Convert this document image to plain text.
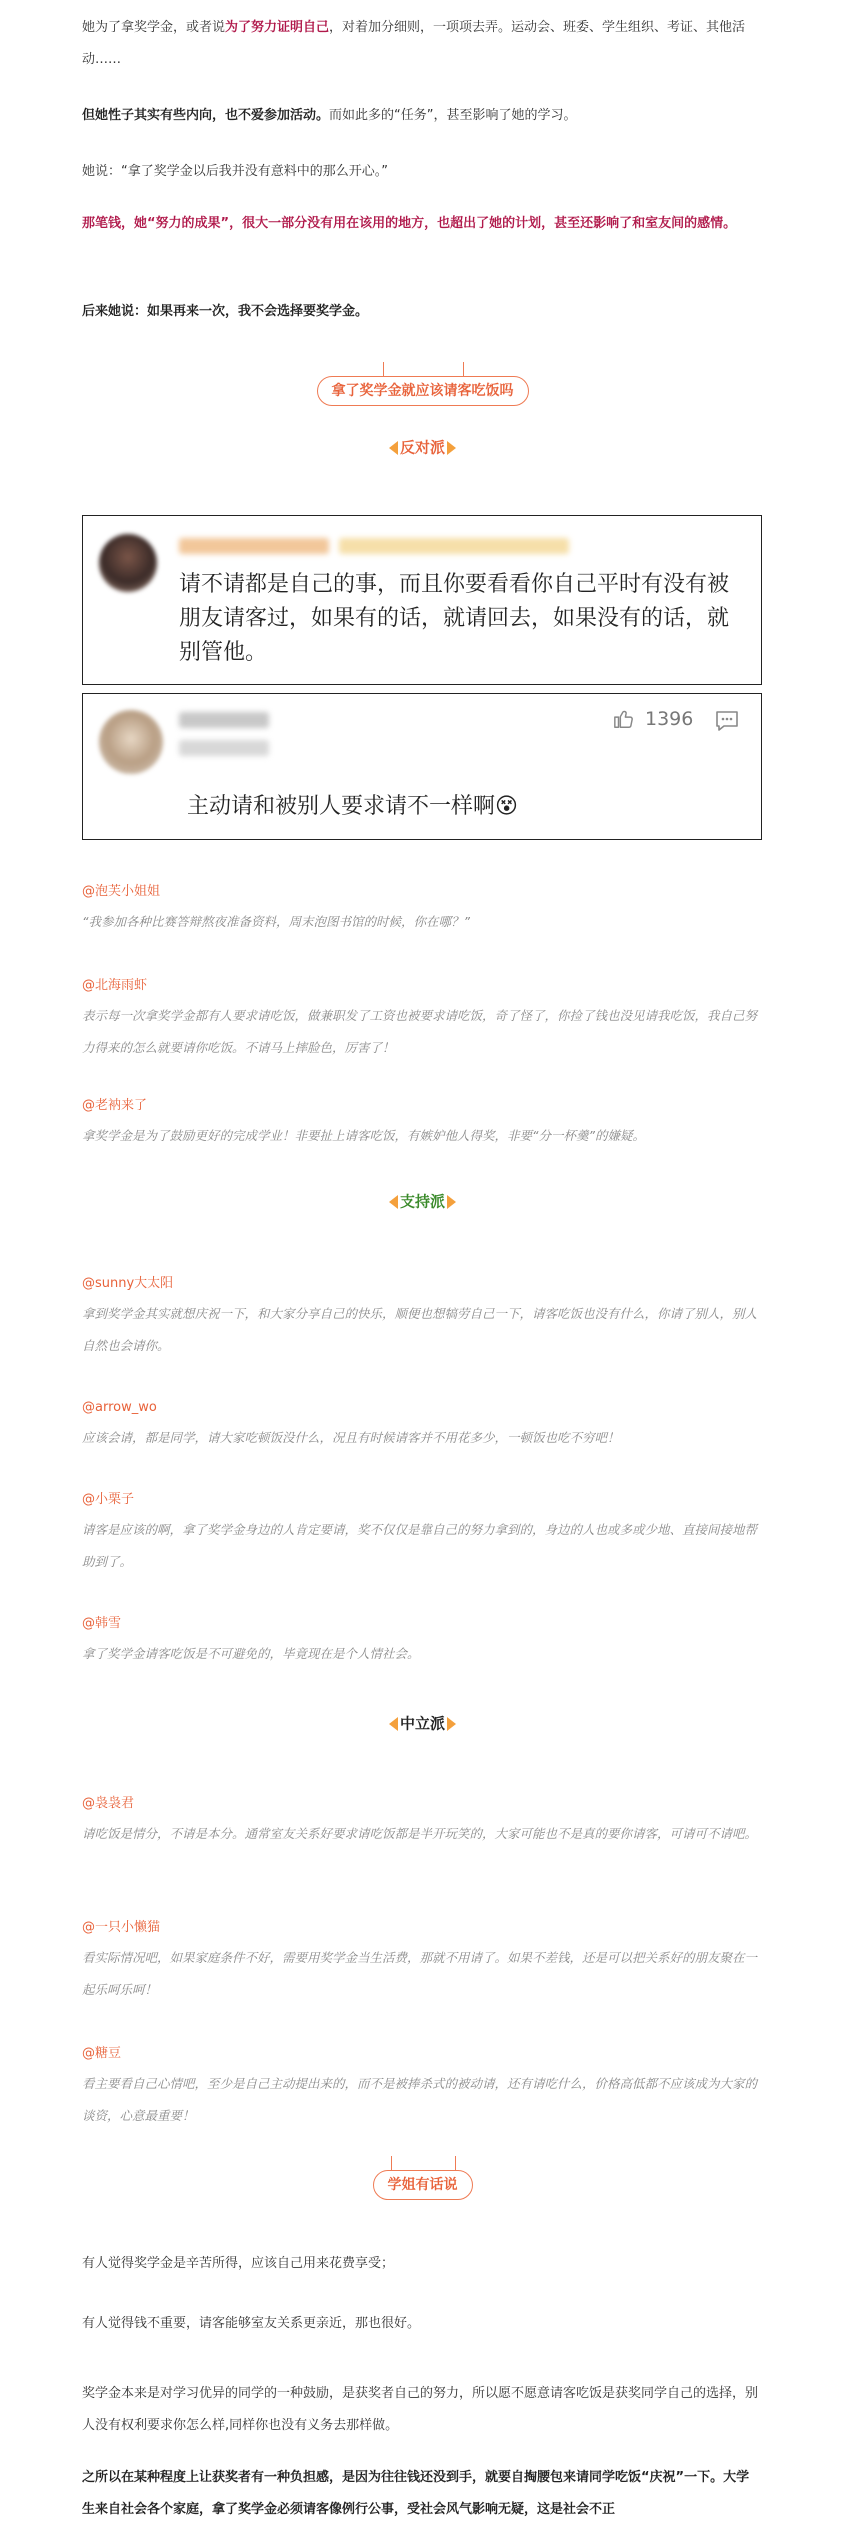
她为了拿奖学金，或者说为了努力证明自己，对着加分细则，一项项去弄。运动会、班委、学生组织、考证、其他活动……

但她性子其实有些内向，也不爱参加活动。而如此多的“任务”，甚至影响了她的学习。

她说：“拿了奖学金以后我并没有意料中的那么开心。”

那笔钱，她“努力的成果”，很大一部分没有用在该用的地方，也超出了她的计划，甚至还影响了和室友间的感情。

后来她说：如果再来一次，我不会选择要奖学金。

拿了奖学金就应该请客吃饭吗
反对派
请不请都是自己的事，而且你要看看你自己平时有没有被朋友请客过，如果有的话，就请回去，如果没有的话，就别管他。
1396
主动请和被别人要求请不一样啊😵
@泡芙小姐姐

“我参加各种比赛答辩熬夜准备资料，周末泡图书馆的时候，你在哪？”

@北海雨虾

表示每一次拿奖学金都有人要求请吃饭，做兼职发了工资也被要求请吃饭，奇了怪了，你捡了钱也没见请我吃饭，我自己努力得来的怎么就要请你吃饭。不请马上摔脸色，厉害了！

@老衲来了

拿奖学金是为了鼓励更好的完成学业！非要扯上请客吃饭，有嫉妒他人得奖，非要“分一杯羹”的嫌疑。

支持派
@sunny大太阳

拿到奖学金其实就想庆祝一下，和大家分享自己的快乐，顺便也想犒劳自己一下，请客吃饭也没有什么，你请了别人，别人自然也会请你。

@arrow_wo

应该会请，都是同学，请大家吃顿饭没什么，况且有时候请客并不用花多少，一顿饭也吃不穷吧！

@小栗子

请客是应该的啊，拿了奖学金身边的人肯定要请，奖不仅仅是靠自己的努力拿到的，身边的人也或多或少地、直接间接地帮助到了。

@韩雪

拿了奖学金请客吃饭是不可避免的，毕竟现在是个人情社会。

中立派
@袅袅君

请吃饭是情分，不请是本分。通常室友关系好要求请吃饭都是半开玩笑的，大家可能也不是真的要你请客，可请可不请吧。

@一只小懒猫

看实际情况吧，如果家庭条件不好，需要用奖学金当生活费，那就不用请了。如果不差钱，还是可以把关系好的朋友聚在一起乐呵乐呵！

@糖豆

看主要看自己心情吧，至少是自己主动提出来的，而不是被捧杀式的被动请，还有请吃什么，价格高低都不应该成为大家的谈资，心意最重要！

学姐有话说

有人觉得奖学金是辛苦所得，应该自己用来花费享受；

有人觉得钱不重要，请客能够室友关系更亲近，那也很好。

奖学金本来是对学习优异的同学的一种鼓励，是获奖者自己的努力，所以愿不愿意请客吃饭是获奖同学自己的选择，别人没有权利要求你怎么样,同样你也没有义务去那样做。

之所以在某种程度上让获奖者有一种负担感，是因为往往钱还没到手，就要自掏腰包来请同学吃饭“庆祝”一下。大学生来自社会各个家庭，拿了奖学金必须请客像例行公事，受社会风气影响无疑，这是社会不正
